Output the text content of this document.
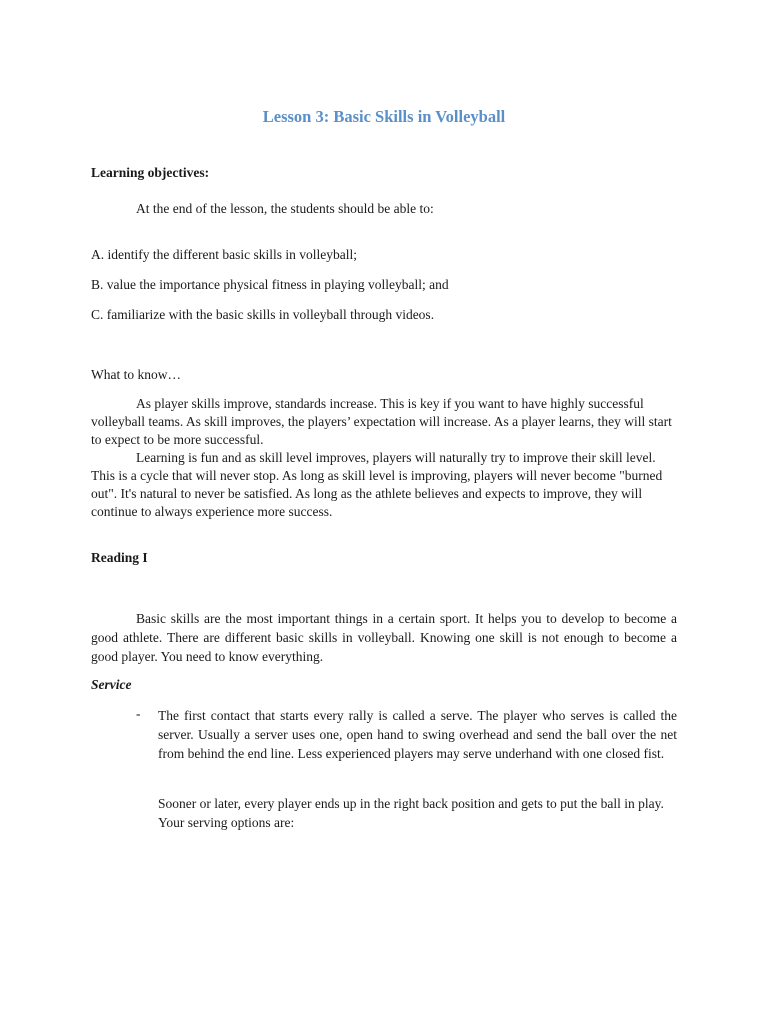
Lesson 3: Basic Skills in Volleyball
Learning objectives:
At the end of the lesson, the students should be able to:
A. identify the different basic skills in volleyball;
B. value the importance physical fitness in playing volleyball; and
C. familiarize with the basic skills in volleyball through videos.
What to know…

As player skills improve, standards increase. This is key if you want to have highly successful volleyball teams. As skill improves, the players’ expectation will increase. As a player learns, they will start to expect to be more successful.

Learning is fun and as skill level improves, players will naturally try to improve their skill level. This is a cycle that will never stop. As long as skill level is improving, players will never become "burned out". It's natural to never be satisfied. As long as the athlete believes and expects to improve, they will continue to always experience more success.

Reading I

Basic skills are the most important things in a certain sport. It helps you to develop to become a good athlete. There are different basic skills in volleyball. Knowing one skill is not enough to become a good player. You need to know everything.

Service
- The first contact that starts every rally is called a serve. The player who serves is called the server. Usually a server uses one, open hand to swing overhead and send the ball over the net from behind the end line. Less experienced players may serve underhand with one closed fist.
Sooner or later, every player ends up in the right back position and gets to put the ball in play. Your serving options are:
